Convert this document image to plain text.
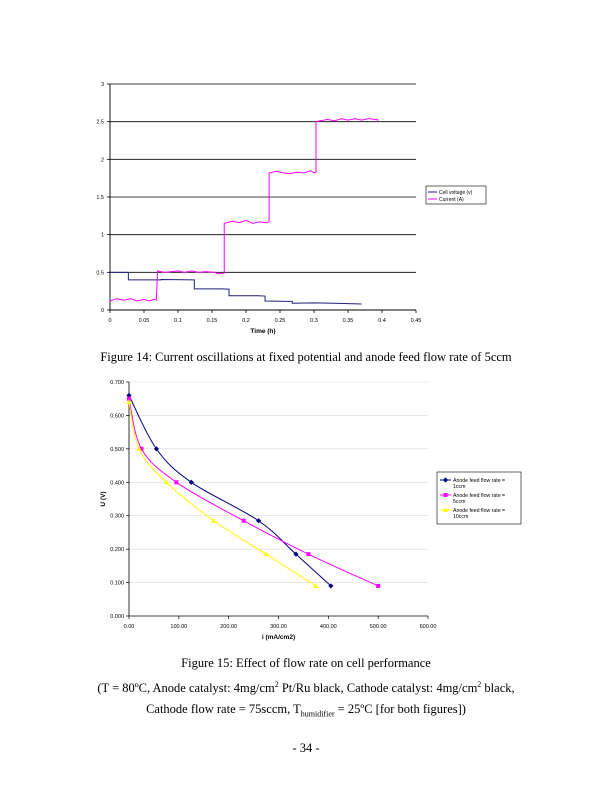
0
0.5
1
1.5
2
2.5
3
0	0.05	0.1	0.15	0.2	0.25	0.3	0.35	0.4	0.45
Time (h)
Cell voltage (v)
Current (A)
0.000
0.100
0.200
0.300
0.400
0.500
0.600
0.700
0.00	100.00	200.00	300.00	400.00	500.00	600.00
i (mA/cm2)
U (V)
Anode feed flow rate = 1ccm
Anode feed flow rate = 5ccm
Anode feed flow rate = 10ccm
Figure 14: Current oscillations at fixed potential and anode feed flow rate of 5ccm
Figure 15: Effect of flow rate on cell performance
(T = 80ºC, Anode catalyst: $4mg/cm^2$ Pt/Ru black, Cathode catalyst: $4mg/cm^2$ black,
Cathode flow rate = 75sccm, $T_{humidifier}$ = 25ºC [for both figures])
- 34 -
